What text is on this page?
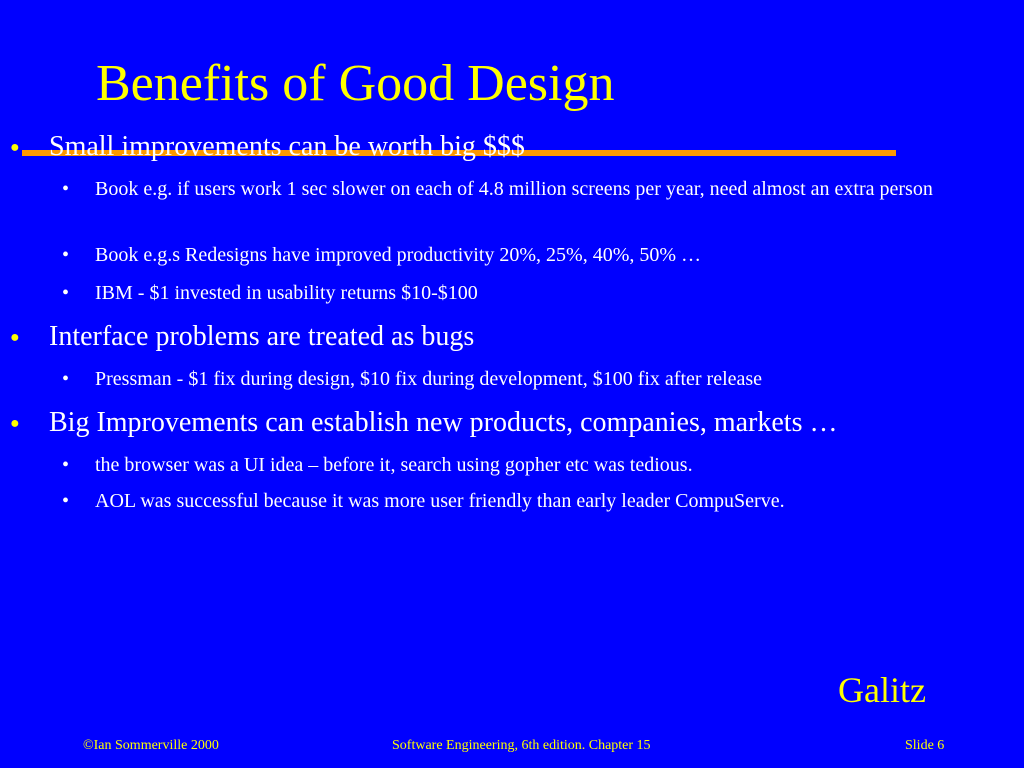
Benefits of Good Design
● Small improvements can be worth big $$$
• Book e.g. if users work 1 sec slower on each of 4.8 million screens per year, need almost an extra person
• Book e.g.s Redesigns have improved productivity 20%, 25%, 40%, 50% …
• IBM - $1 invested in usability returns $10-$100
● Interface problems are treated as bugs
• Pressman - $1 fix during design, $10 fix during development, $100 fix after release
● Big Improvements can establish new products, companies, markets …
• the browser was a UI idea – before it, search using gopher etc was tedious.
• AOL was successful because it was more user friendly than early leader CompuServe.
Galitz
©Ian Sommerville 2000	Software Engineering, 6th edition. Chapter 15	Slide 6
